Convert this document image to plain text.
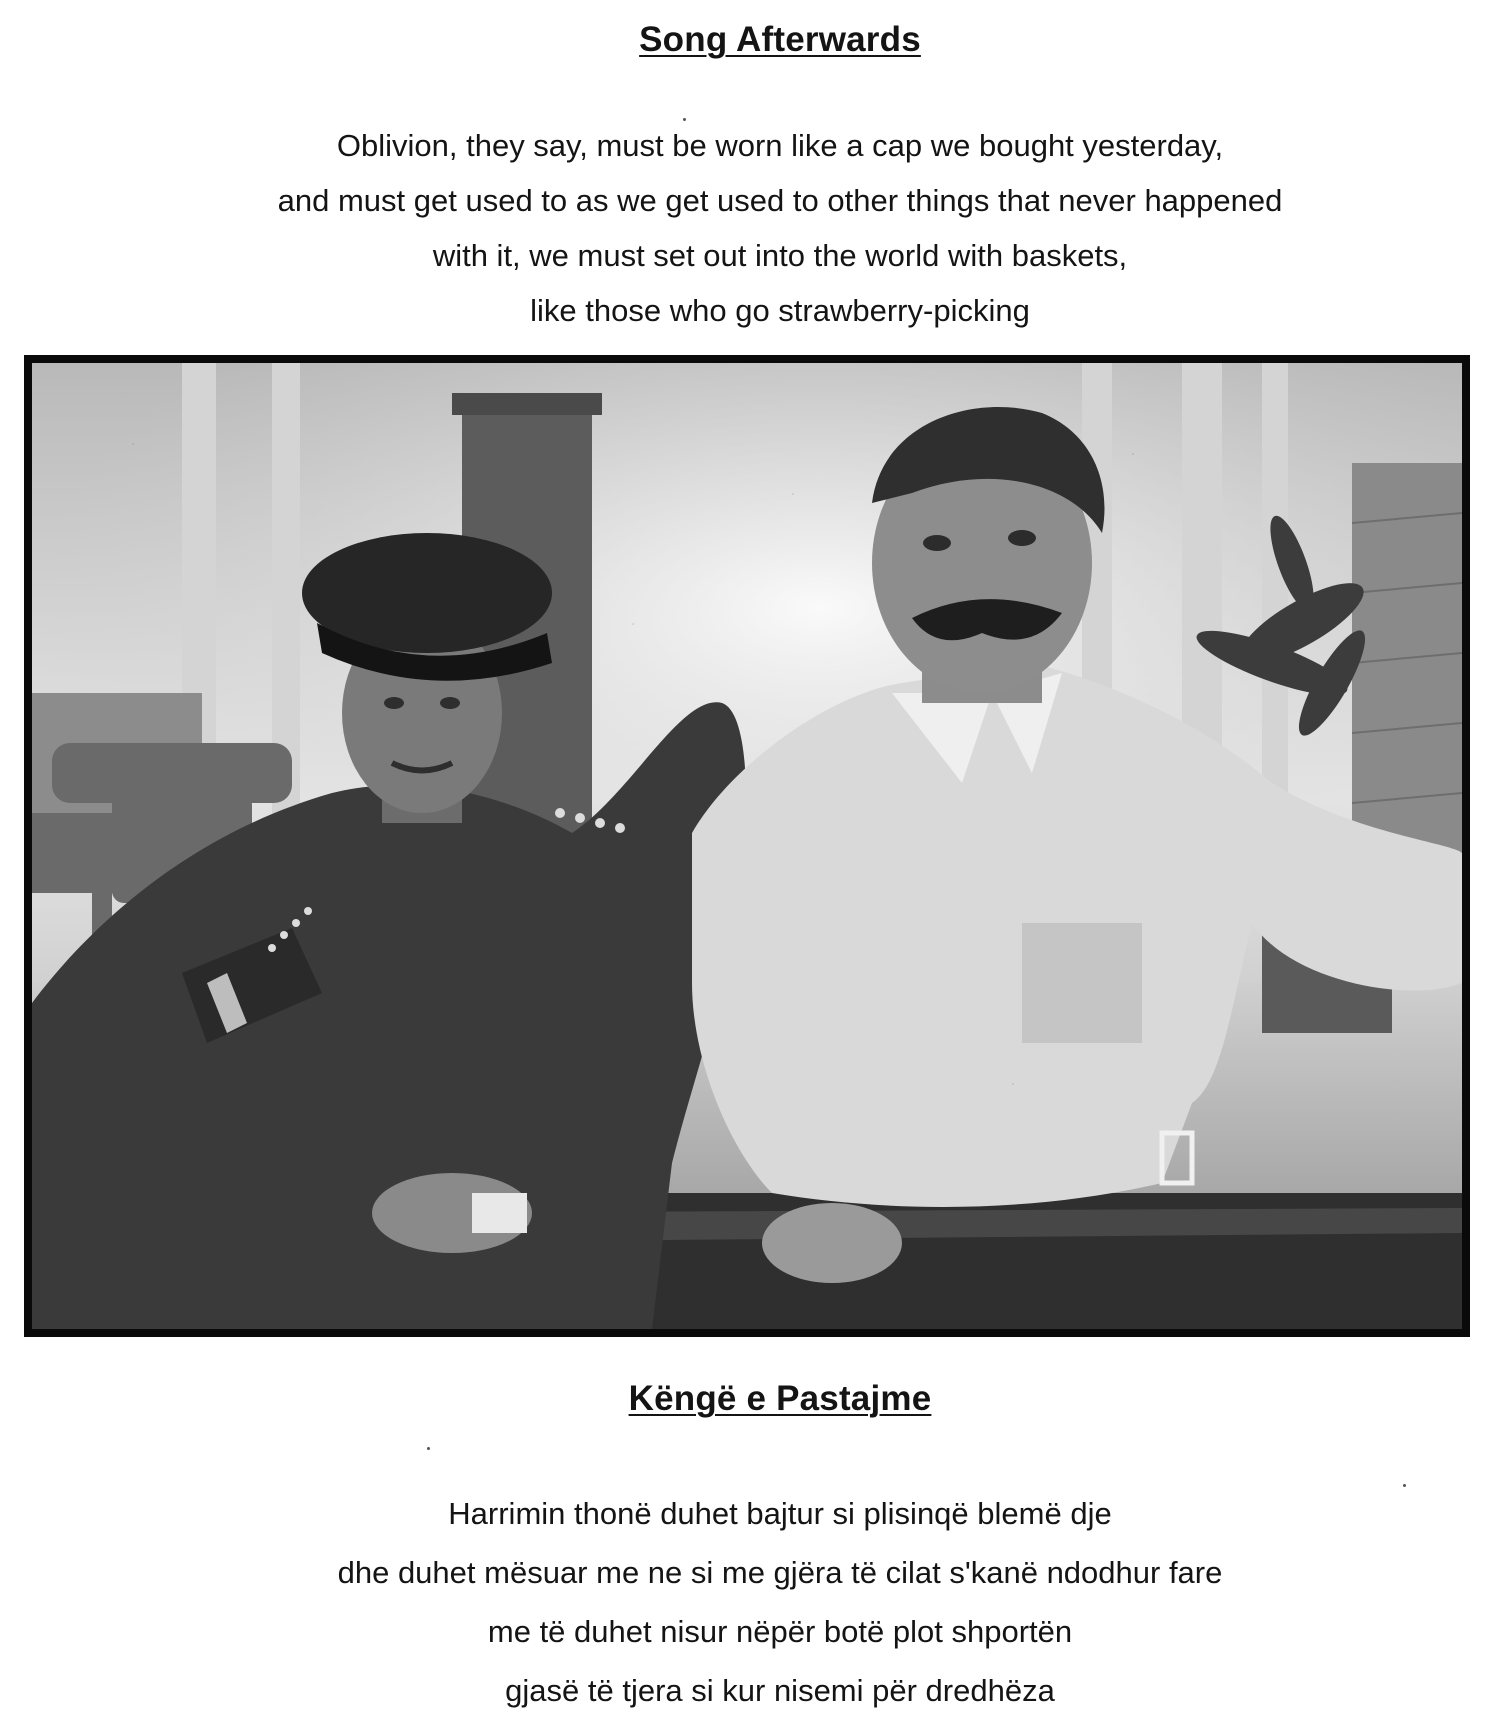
Song Afterwards
Oblivion, they say, must be worn like a cap we bought yesterday,
and must get used to as we get used to other things that never happened
with it, we must set out into the world with baskets,
like those who go strawberry-picking
Këngë e Pastajme
Harrimin thonë duhet bajtur si plisinqë blemë dje
dhe duhet mësuar me ne si me gjëra të cilat s'kanë ndodhur fare
me të duhet nisur nëpër botë plot shportën
gjasë të tjera si kur nisemi për dredhëza
